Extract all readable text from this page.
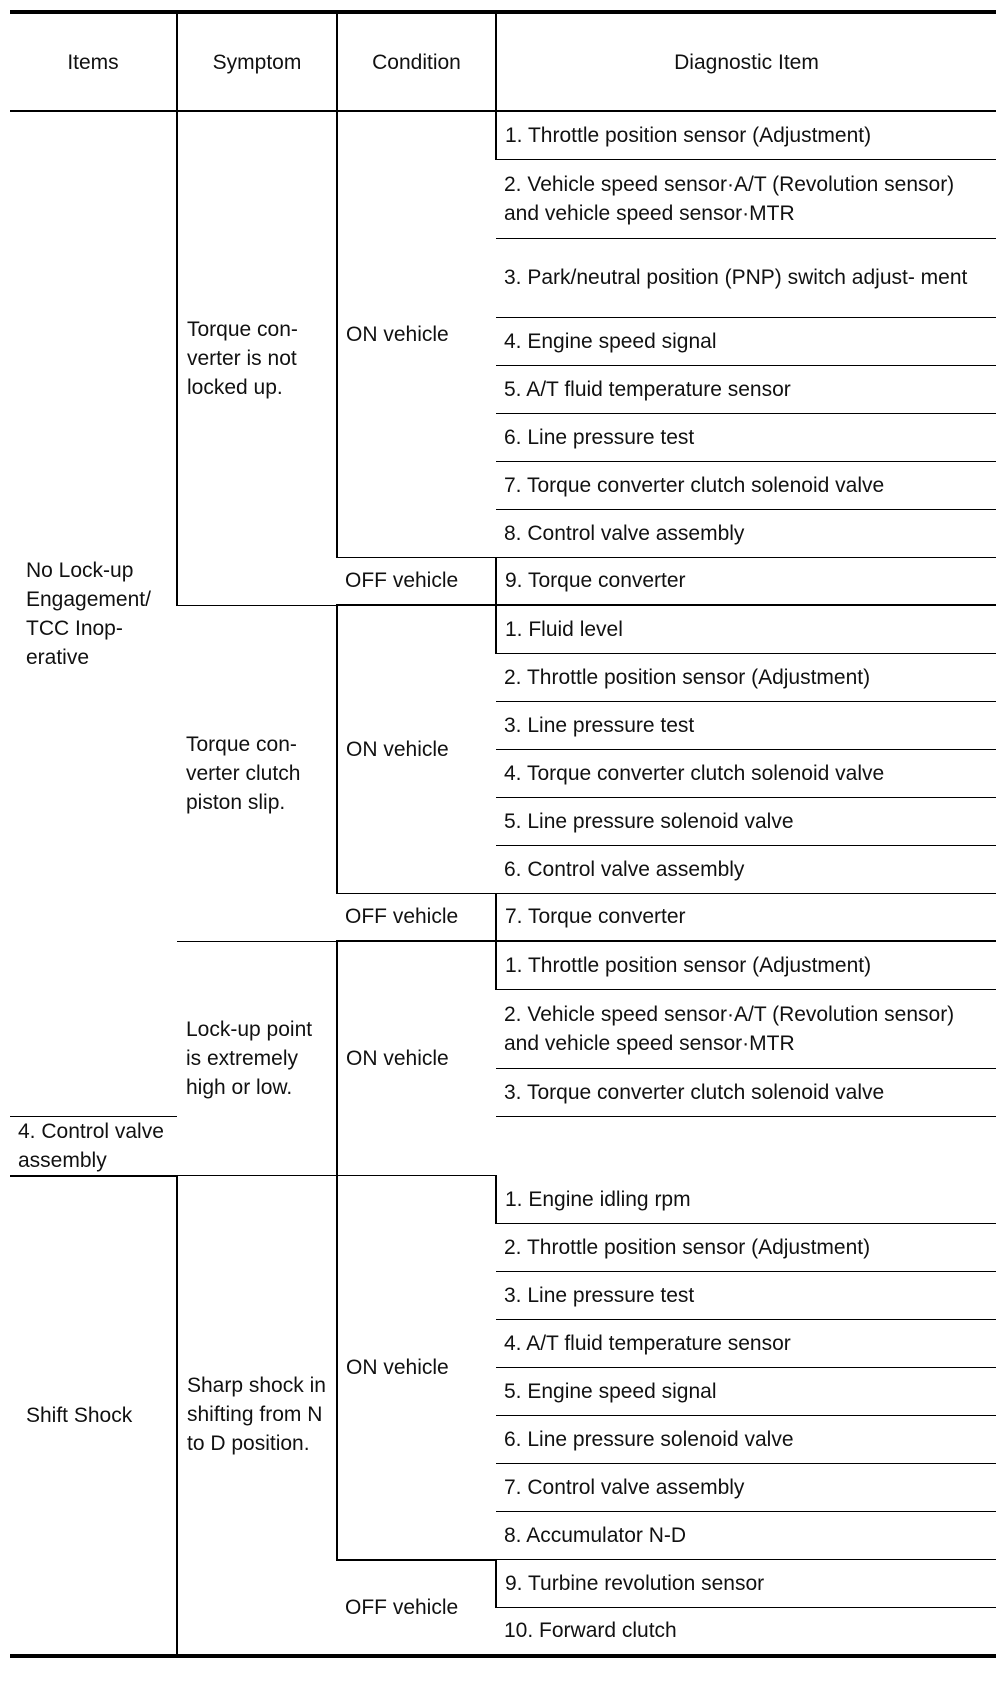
Items	Symptom	Condition	Diagnostic Item
No Lock-up Engagement/ TCC Inop- erative	Torque con- verter is not locked up.	ON vehicle	1. Throttle position sensor (Adjustment)
			2. Vehicle speed sensor·A/T (Revolution sensor) and vehicle speed sensor·MTR
			3. Park/neutral position (PNP) switch adjust- ment
			4. Engine speed signal
			5. A/T fluid temperature sensor
			6. Line pressure test
			7. Torque converter clutch solenoid valve
			8. Control valve assembly
		OFF vehicle	9. Torque converter
	Torque con- verter clutch piston slip.	ON vehicle	1. Fluid level
			2. Throttle position sensor (Adjustment)
			3. Line pressure test
			4. Torque converter clutch solenoid valve
			5. Line pressure solenoid valve
			6. Control valve assembly
		OFF vehicle	7. Torque converter
	Lock-up point is extremely high or low.	ON vehicle	1. Throttle position sensor (Adjustment)
			2. Vehicle speed sensor·A/T (Revolution sensor) and vehicle speed sensor·MTR
			3. Torque converter clutch solenoid valve
4. Control valve assembly			
Shift Shock	Sharp shock in shifting from N to D position.	ON vehicle	1. Engine idling rpm
			2. Throttle position sensor (Adjustment)
			3. Line pressure test
			4. A/T fluid temperature sensor
			5. Engine speed signal
			6. Line pressure solenoid valve
			7. Control valve assembly
			8. Accumulator N-D
		OFF vehicle	9. Turbine revolution sensor
			10. Forward clutch
